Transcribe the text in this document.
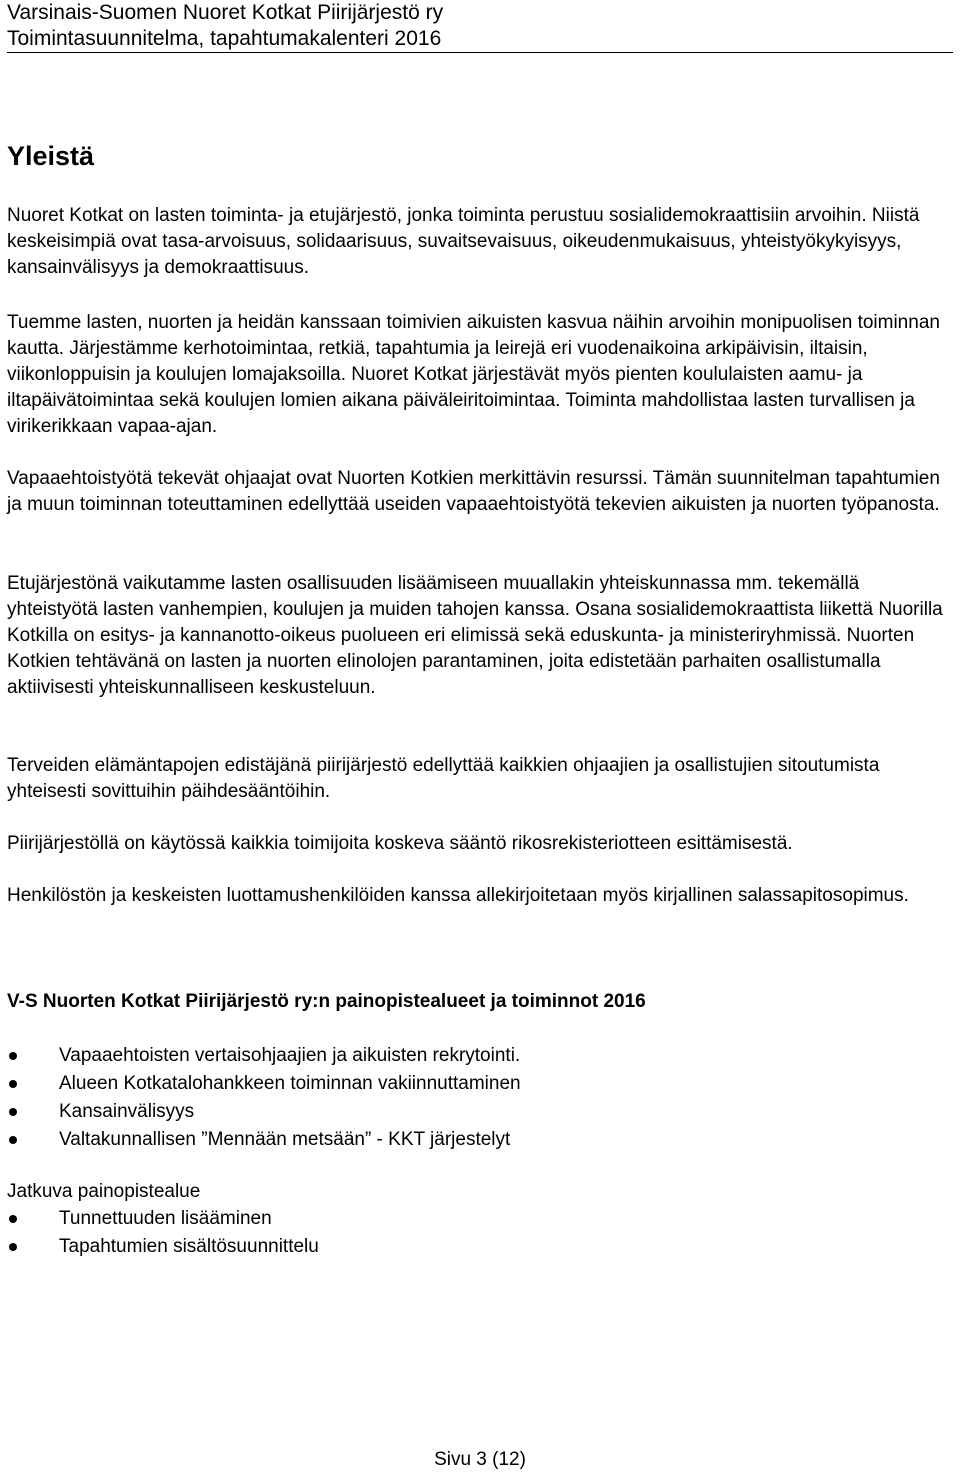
Varsinais-Suomen Nuoret Kotkat Piirijärjestö ry
Toimintasuunnitelma, tapahtumakalenteri 2016
Yleistä

Nuoret Kotkat on lasten toiminta- ja etujärjestö, jonka toiminta perustuu sosialidemokraattisiin arvoihin. Niistä keskeisimpiä ovat tasa-arvoisuus, solidaarisuus, suvaitsevaisuus, oikeudenmukaisuus, yhteistyökykyisyys, kansainvälisyys ja demokraattisuus.

Tuemme lasten, nuorten ja heidän kanssaan toimivien aikuisten kasvua näihin arvoihin monipuolisen toiminnan kautta. Järjestämme kerhotoimintaa, retkiä, tapahtumia ja leirejä eri vuodenaikoina arkipäivisin, iltaisin, viikonloppuisin ja koulujen lomajaksoilla. Nuoret Kotkat järjestävät myös pienten koululaisten aamu- ja iltapäivätoimintaa sekä koulujen lomien aikana päiväleiritoimintaa. Toiminta mahdollistaa lasten turvallisen ja virikerikkaan vapaa-ajan.

Vapaaehtoistyötä tekevät ohjaajat ovat Nuorten Kotkien merkittävin resurssi. Tämän suunnitelman tapahtumien ja muun toiminnan toteuttaminen edellyttää useiden vapaaehtoistyötä tekevien aikuisten ja nuorten työpanosta.

Etujärjestönä vaikutamme lasten osallisuuden lisäämiseen muuallakin yhteiskunnassa mm. tekemällä yhteistyötä lasten vanhempien, koulujen ja muiden tahojen kanssa. Osana sosialidemokraattista liikettä Nuorilla Kotkilla on esitys- ja kannanotto-oikeus puolueen eri elimissä sekä eduskunta- ja ministeriryhmissä. Nuorten Kotkien tehtävänä on lasten ja nuorten elinolojen parantaminen, joita edistetään parhaiten osallistumalla aktiivisesti yhteiskunnalliseen keskusteluun.

Terveiden elämäntapojen edistäjänä piirijärjestö edellyttää kaikkien ohjaajien ja osallistujien sitoutumista yhteisesti sovittuihin päihdesääntöihin.

Piirijärjestöllä on käytössä kaikkia toimijoita koskeva sääntö rikosrekisteriotteen esittämisestä.

Henkilöstön ja keskeisten luottamushenkilöiden kanssa allekirjoitetaan myös kirjallinen salassapitosopimus.

V-S Nuorten Kotkat Piirijärjestö ry:n painopistealueet ja toiminnot 2016
Vapaaehtoisten vertaisohjaajien ja aikuisten rekrytointi.
Alueen Kotkatalohankkeen toiminnan vakiinnuttaminen
Kansainvälisyys
Valtakunnallisen ”Mennään metsään” - KKT järjestelyt

Jatkuva painopistealue

Tunnettuuden lisääminen
Tapahtumien sisältösuunnittelu
Sivu 3 (12)
